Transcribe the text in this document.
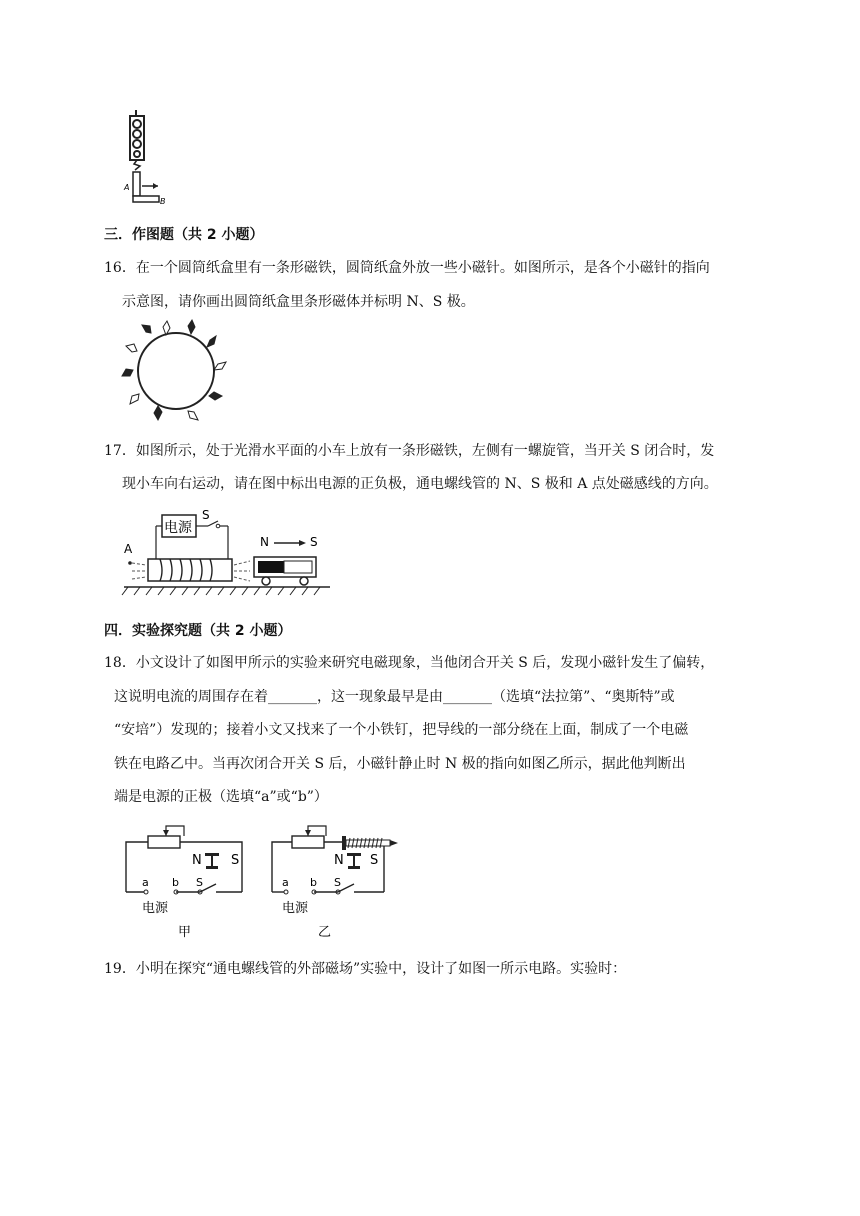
A
B
三．作图题（共 2 小题）
16．在一个圆筒纸盒里有一条形磁铁，圆筒纸盒外放一些小磁针。如图所示，是各个小磁针的指向
示意图，请你画出圆筒纸盒里条形磁体并标明 N、S 极。
17．如图所示，处于光滑水平面的小车上放有一条形磁铁，左侧有一螺旋管，当开关 S 闭合时，发
现小车向右运动，请在图中标出电源的正负极，通电螺线管的 N、S 极和 A 点处磁感线的方向。
电源
S
A	N	S
四．实验探究题（共 2 小题）
18．小文设计了如图甲所示的实验来研究电磁现象，当他闭合开关 S 后，发现小磁针发生了偏转，
这说明电流的周围存在着_______，这一现象最早是由_______（选填“法拉第”、“奥斯特”或
“安培”）发现的；接着小文又找来了一个小铁钉，把导线的一部分绕在上面，制成了一个电磁
铁在电路乙中。当再次闭合开关 S 后，小磁针静止时 N 极的指向如图乙所示，据此他判断出
端是电源的正极（选填“a”或“b”）
N S
a b S
电源
甲
N S
a b S
电源
乙
19．小明在探究“通电螺线管的外部磁场”实验中，设计了如图一所示电路。实验时：
